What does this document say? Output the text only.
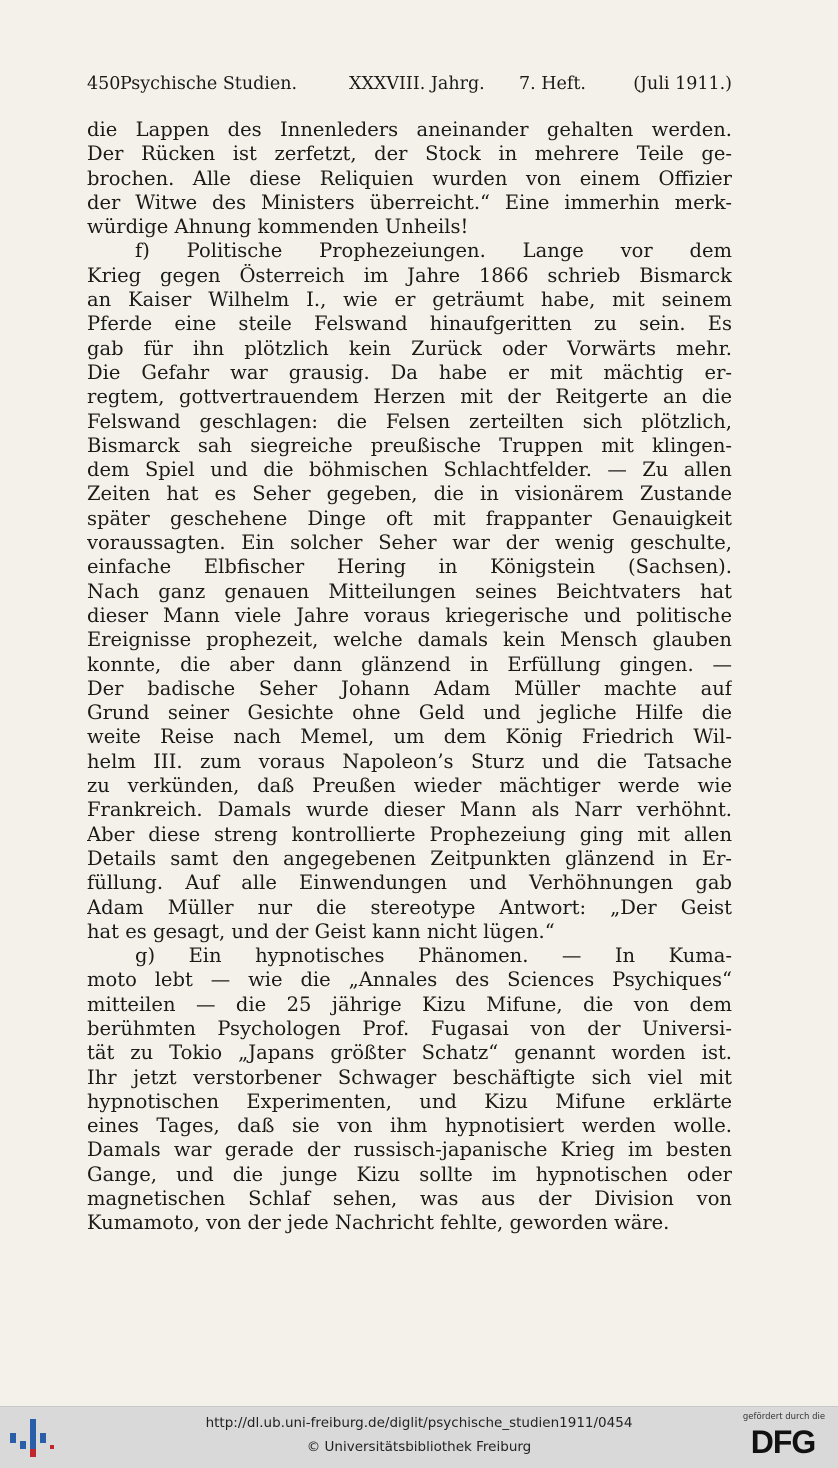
450 Psychische Studien.	XXXVIII. Jahrg. 7. Heft.	(Juli 1911.)
die Lappen des Innenleders aneinander gehalten werden.
Der Rücken ist zerfetzt, der Stock in mehrere Teile ge-
brochen. Alle diese Reliquien wurden von einem Offizier
der Witwe des Ministers überreicht.“ Eine immerhin merk-
würdige Ahnung kommenden Unheils!
f) Politische Prophezeiungen. Lange vor dem
Krieg gegen Österreich im Jahre 1866 schrieb Bismarck
an Kaiser Wilhelm I., wie er geträumt habe, mit seinem
Pferde eine steile Felswand hinaufgeritten zu sein. Es
gab für ihn plötzlich kein Zurück oder Vorwärts mehr.
Die Gefahr war grausig. Da habe er mit mächtig er-
regtem, gottvertrauendem Herzen mit der Reitgerte an die
Felswand geschlagen: die Felsen zerteilten sich plötzlich,
Bismarck sah siegreiche preußische Truppen mit klingen-
dem Spiel und die böhmischen Schlachtfelder. — Zu allen
Zeiten hat es Seher gegeben, die in visionärem Zustande
später geschehene Dinge oft mit frappanter Genauigkeit
voraussagten. Ein solcher Seher war der wenig geschulte,
einfache Elbfischer Hering in Königstein (Sachsen).
Nach ganz genauen Mitteilungen seines Beichtvaters hat
dieser Mann viele Jahre voraus kriegerische und politische
Ereignisse prophezeit, welche damals kein Mensch glauben
konnte, die aber dann glänzend in Erfüllung gingen. —
Der badische Seher Johann Adam Müller machte auf
Grund seiner Gesichte ohne Geld und jegliche Hilfe die
weite Reise nach Memel, um dem König Friedrich Wil-
helm III. zum voraus Napoleon’s Sturz und die Tatsache
zu verkünden, daß Preußen wieder mächtiger werde wie
Frankreich. Damals wurde dieser Mann als Narr verhöhnt.
Aber diese streng kontrollierte Prophezeiung ging mit allen
Details samt den angegebenen Zeitpunkten glänzend in Er-
füllung. Auf alle Einwendungen und Verhöhnungen gab
Adam Müller nur die stereotype Antwort: „Der Geist
hat es gesagt, und der Geist kann nicht lügen.“
g) Ein hypnotisches Phänomen. — In Kuma-
moto lebt — wie die „Annales des Sciences Psychiques“
mitteilen — die 25 jährige Kizu Mifune, die von dem
berühmten Psychologen Prof. Fugasai von der Universi-
tät zu Tokio „Japans größter Schatz“ genannt worden ist.
Ihr jetzt verstorbener Schwager beschäftigte sich viel mit
hypnotischen Experimenten, und Kizu Mifune erklärte
eines Tages, daß sie von ihm hypnotisiert werden wolle.
Damals war gerade der russisch-japanische Krieg im besten
Gange, und die junge Kizu sollte im hypnotischen oder
magnetischen Schlaf sehen, was aus der Division von
Kumamoto, von der jede Nachricht fehlte, geworden wäre.
http://dl.ub.uni-freiburg.de/diglit/psychische_studien1911/0454
© Universitätsbibliothek Freiburg
gefördert durch die
DFG
